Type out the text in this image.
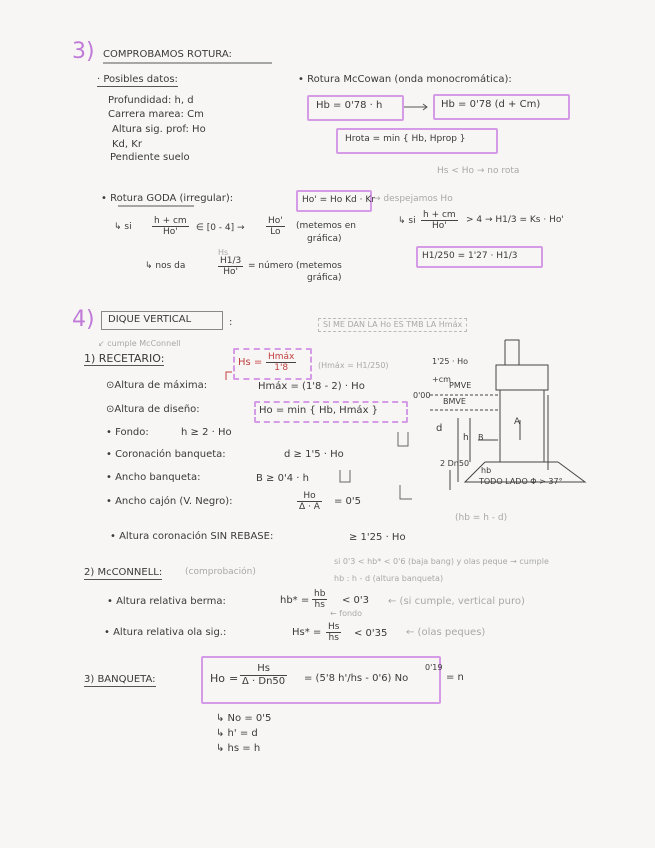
3) COMPROBAMOS ROTURA:
· Posibles datos:
Profundidad: h, d
Carrera marea: Cm
Altura sig. prof: Ho
Kd, Kr
Pendiente suelo
• Rotura McCowan (onda monocromática):
Hb = 0'78 · h	Hb = 0'78 (d + Cm)
Hrota = min { Hb, Hprop }
Hs < Ho → no rota
• Rotura GODA (irregular):	Ho' = Ho Kd · Kr
→ despejamos Ho
↳ si $\frac{h + cm}{Ho'}$ ∈ $[0 - 4] \to \frac{Ho'}{Lo}$ (metemos en
gráfica)
↳ si $\frac{h + cm}{Ho'} > 4 \to H1/3 = Ks \cdot Ho'$
Hs
↳ nos da	$\frac{H1/3}{Ho'}$ = número (metemos
gráfica)
H1/250 = 1'27 · H1/3
4) DIQUE VERTICAL	:	SI ME DAN LA Ho ES TMB LA Hmáx
↙ cumple McConnell
1) RECETARIO:	Hs = Hmáx
1'8	(Hmáx = H1/250)
⊙Altura de máxima:	Hmáx = (1'8 - 2) · Ho
⊙Altura de diseño:	Ho = min { Hb, Hmáx }
• Fondo:	h ≥ 2 · Ho
• Coronación banqueta:	d ≥ 1'5 · Ho
• Ancho banqueta:	B ≥ 0'4 · h
• Ancho cajón (V. Negro):	$\frac{Ho}{\Delta \cdot A} = 0'5$
• Altura coronación SIN REBASE:	≥ 1'25 · Ho
(hb = h - d)
1'25 · Ho
+cm
PMVE
0'00
BMVE
A
d
h B
2 Dn50
hb
TODO LADO Φ > 37°
si 0'3 < hb* < 0'6 (baja bang) y olas peque → cumple
hb : h - d (altura banqueta)
2) McCONNELL:	(comprobación)
• Altura relativa berma:	$hb* = \frac{hb}{hs} < 0'3$
← fondo
← (si cumple, vertical puro)
• Altura relativa ola sig.:	$Hs* = \frac{Hs}{hs} < 0'35$ ← (olas peques)
3) BANQUETA:	$Ho = \frac{Hs}{\Delta \cdot Dn50} = (5'8$ h'/hs - 0'6) No
0'19
= n
↳ No = 0'5
↳ h' = d
↳ hs = h
